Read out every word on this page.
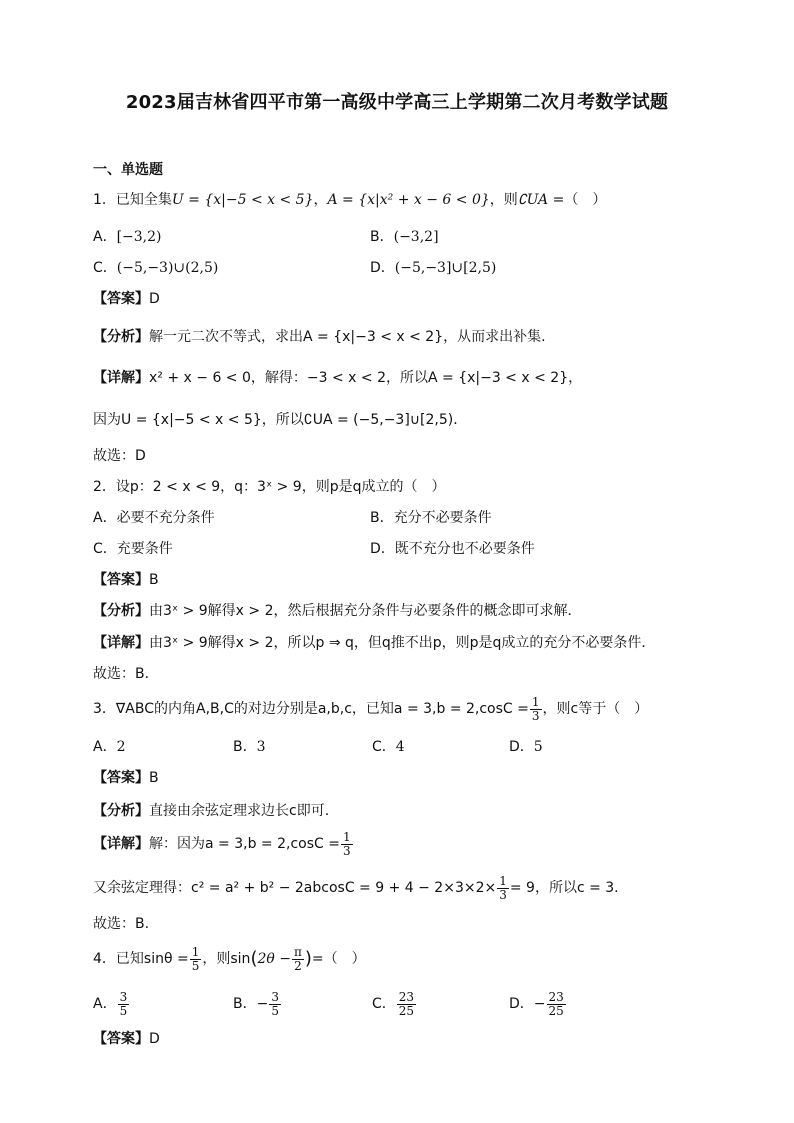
2023届吉林省四平市第一高级中学高三上学期第二次月考数学试题
一、单选题
1．已知全集U = {x|−5 < x < 5}，A = {x|x² + x − 6 < 0}，则∁UA =（　）
A．[−3,2)	B．(−3,2]
C．(−5,−3)∪(2,5)	D．(−5,−3]∪[2,5)
【答案】D
【分析】解一元二次不等式，求出A = {x|−3 < x < 2}，从而求出补集.
【详解】x² + x − 6 < 0，解得：−3 < x < 2，所以A = {x|−3 < x < 2}，
因为U = {x|−5 < x < 5}，所以∁UA = (−5,−3]∪[2,5)．
故选：D
2．设p：2 < x < 9，q：3ˣ > 9，则p是q成立的（　）
A．必要不充分条件	B．充分不必要条件
C．充要条件	D．既不充分也不必要条件
【答案】B
【分析】由3ˣ > 9解得x > 2，然后根据充分条件与必要条件的概念即可求解．
【详解】由3ˣ > 9解得x > 2，所以p ⇒ q，但q推不出p，则p是q成立的充分不必要条件．
故选：B．
3．∇ABC的内角A,B,C的对边分别是a,b,c，已知$a = 3,b = 2,\cos C = \frac{1}{3}$ ，则c等于（　）
A．2	B．3	C．4	D．5
【答案】B
【分析】直接由余弦定理求边长c即可.
【详解】解：因为$a = 3,b = 2,\cos C = \frac{1}{3}$
又余弦定理得：$c^2 = a^2 + b^2 - 2abcosC = 9 + 4 - 2\times 3\times 2\times \frac{1}{3} = 9$，所以c = 3.
故选：B.
4．已知$\sin\theta = \frac{1}{5}$ ，则$\sin(2\theta - \frac{\pi}{2}$ )=（　）
A． $\frac{3}{5}$	B．− $\frac{3}{5}$	C． $\frac{23}{25}$	D．− $\frac{23}{25}$
【答案】D
